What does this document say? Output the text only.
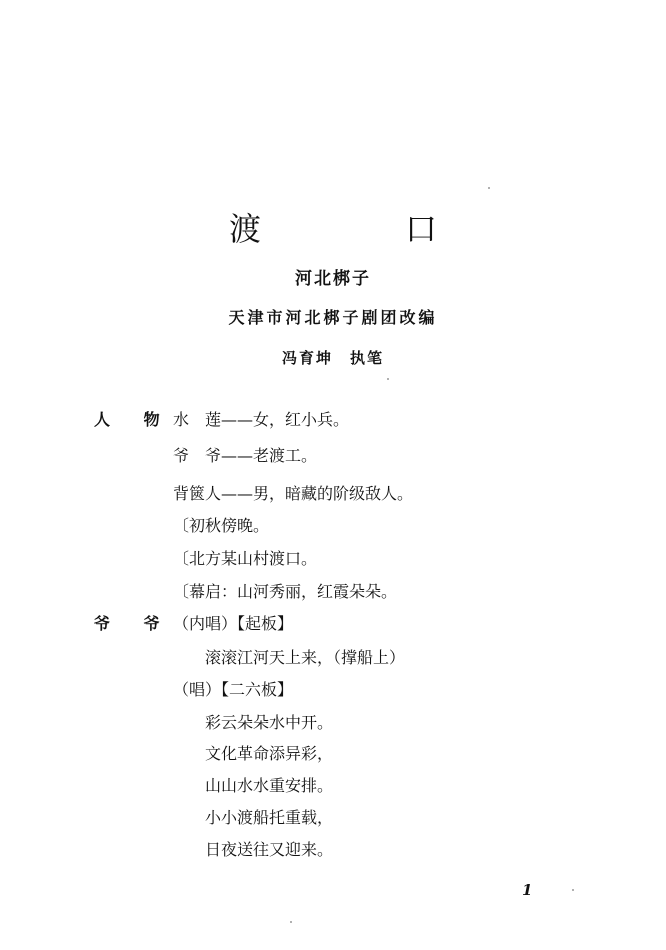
渡　口
河北梆子
天津市河北梆子剧团改编
冯育坤　执笔
人 物 水　莲——女，红小兵。
爷　爷——老渡工。
背篋人——男，暗藏的阶级敌人。
〔初秋傍晚。
〔北方某山村渡口。
〔幕启：山河秀丽，红霞朵朵。
爷 爷 （内唱）【起板】
滚滚江河天上来，（撑船上）
（唱）【二六板】
彩云朵朵水中开。
文化革命添异彩，
山山水水重安排。
小小渡船托重载，
日夜送往又迎来。
1
